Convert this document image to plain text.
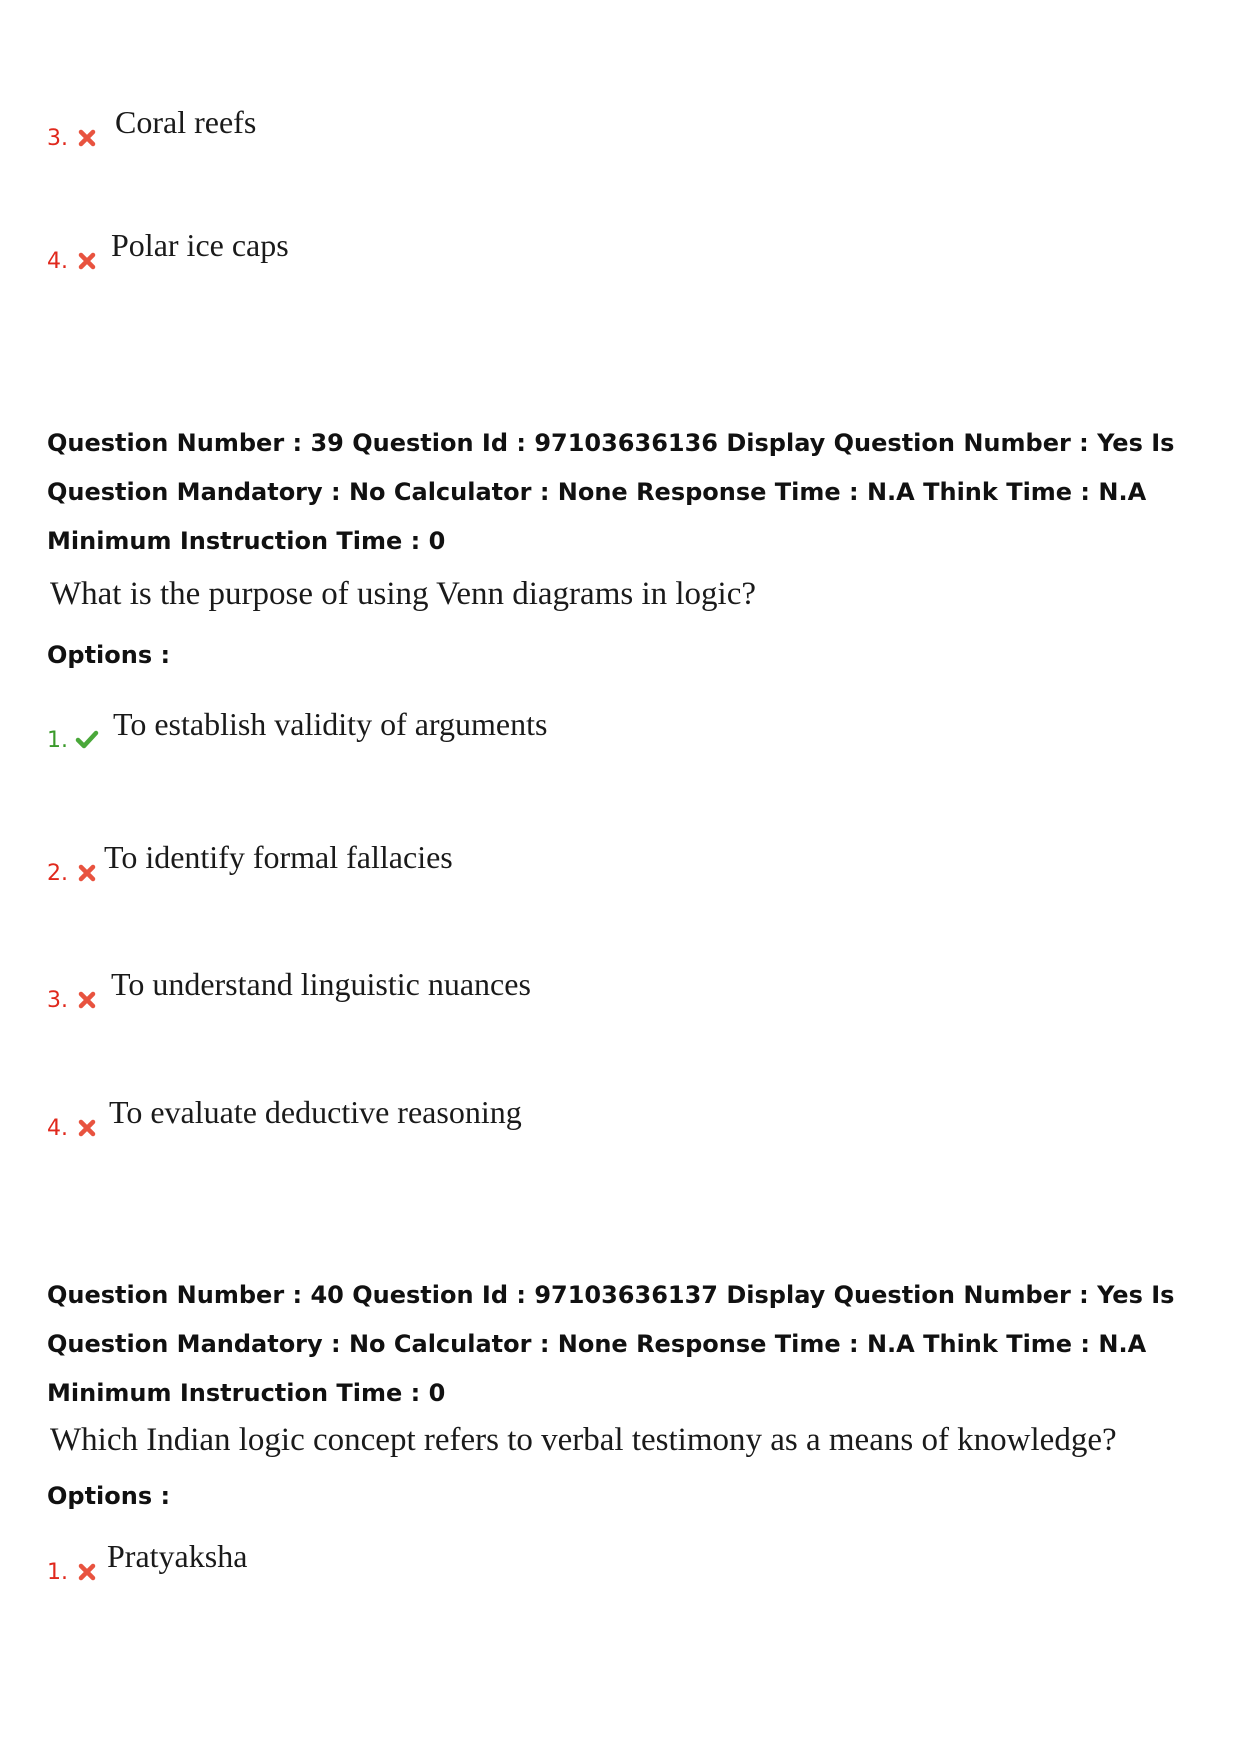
3. Coral reefs
4. Polar ice caps

Question Number : 39 Question Id : 97103636136 Display Question Number : Yes Is Question Mandatory : No Calculator : None Response Time : N.A Think Time : N.A Minimum Instruction Time : 0

What is the purpose of using Venn diagrams in logic?
Options :
1. To establish validity of arguments
2. To identify formal fallacies
3. To understand linguistic nuances
4. To evaluate deductive reasoning

Question Number : 40 Question Id : 97103636137 Display Question Number : Yes Is Question Mandatory : No Calculator : None Response Time : N.A Think Time : N.A Minimum Instruction Time : 0

Which Indian logic concept refers to verbal testimony as a means of knowledge?
Options :
1. Pratyaksha
